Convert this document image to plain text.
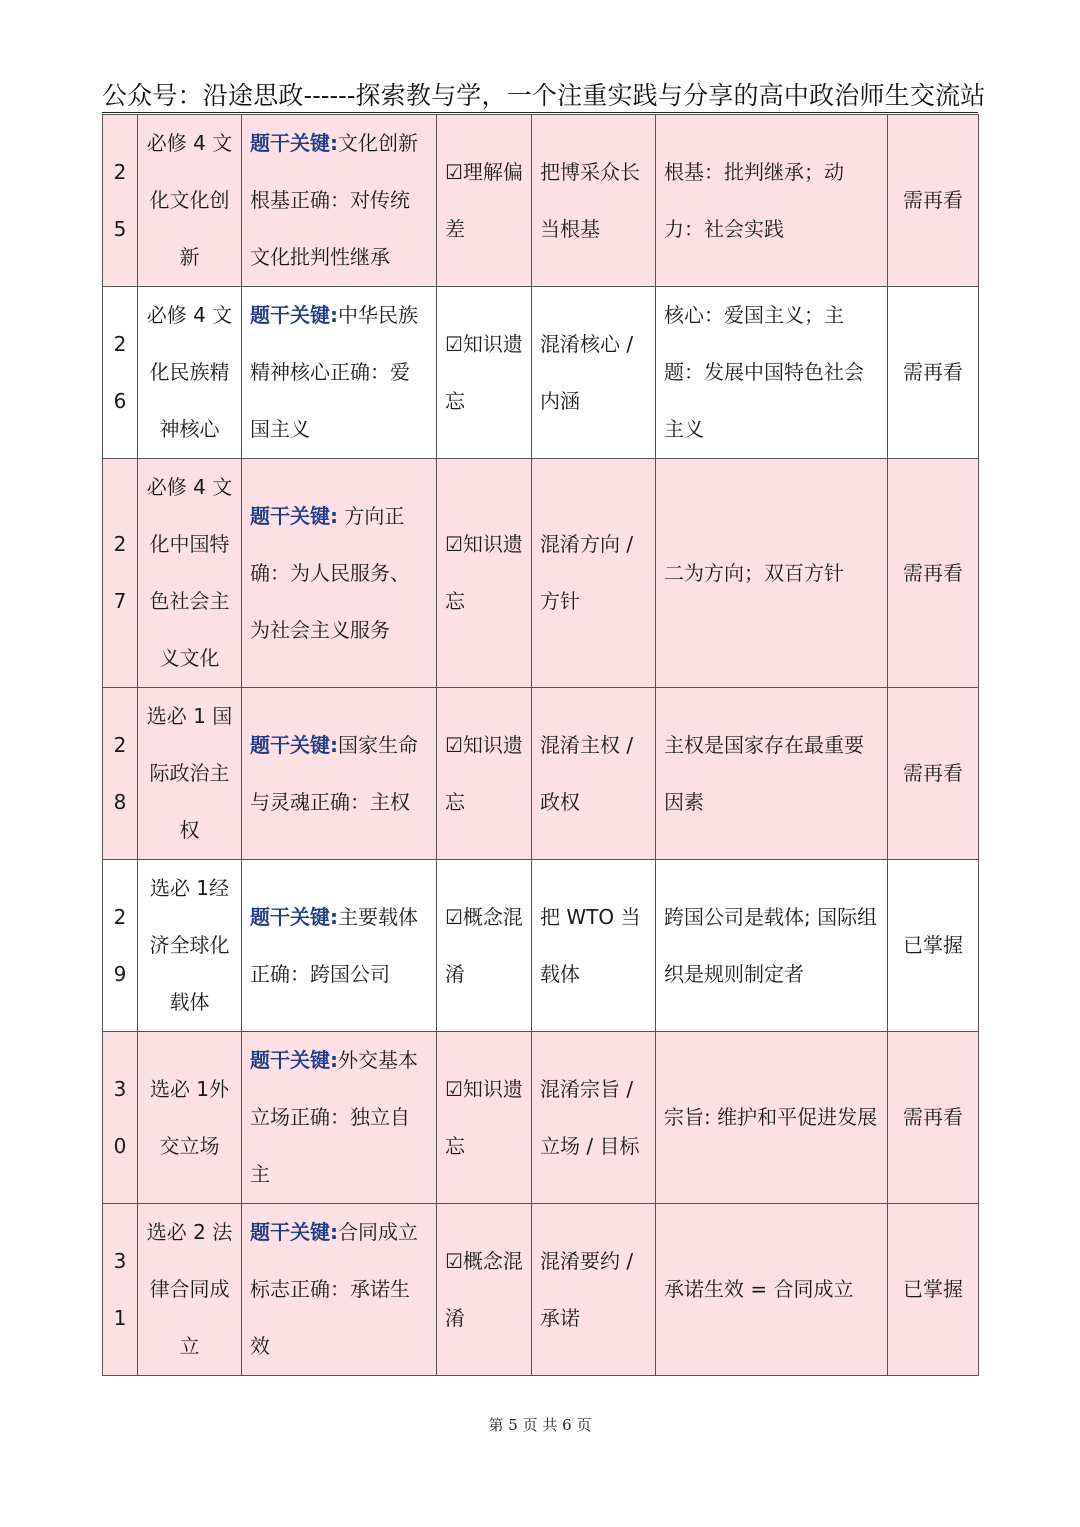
公众号：沿途思政------探索教与学，一个注重实践与分享的高中政治师生交流站
25	必修 4 文化文化创新	题干关键:文化创新根基正确：对传统文化批判性继承	☑理解偏差	把博采众长当根基	根基：批判继承；动力：社会实践	需再看
26	必修 4 文化民族精神核心	题干关键:中华民族精神核心正确：爱国主义	☑知识遗忘	混淆核心 / 内涵	核心：爱国主义；主题：发展中国特色社会主义	需再看
27	必修 4 文化中国特色社会主义文化	题干关键: 方向正确：为人民服务、为社会主义服务	☑知识遗忘	混淆方向 / 方针	二为方向；双百方针	需再看
28	选必 1 国际政治主权	题干关键:国家生命与灵魂正确：主权	☑知识遗忘	混淆主权 / 政权	主权是国家存在最重要因素	需再看
29	选必 1经济全球化载体	题干关键:主要载体正确：跨国公司	☑概念混淆	把 WTO 当载体	跨国公司是载体; 国际组织是规则制定者	已掌握
30	选必 1外交立场	题干关键:外交基本立场正确：独立自主	☑知识遗忘	混淆宗旨 / 立场 / 目标	宗旨: 维护和平促进发展	需再看
31	选必 2 法律合同成立	题干关键:合同成立标志正确：承诺生效	☑概念混淆	混淆要约 / 承诺	承诺生效 = 合同成立	已掌握
第 5 页 共 6 页
